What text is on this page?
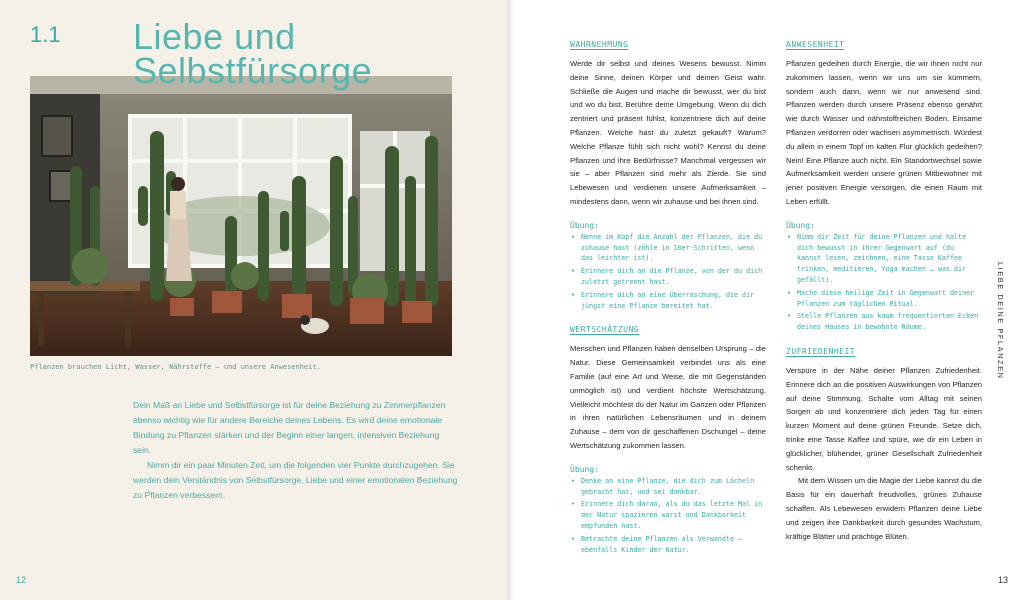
1.1 Liebe und
Selbstfürsorge
Pflanzen brauchen Licht, Wasser, Nährstoffe – und unsere Anwesenheit.

Dein Maß an Liebe und Selbstfürsorge ist für deine Beziehung zu Zimmerpflanzen ebenso wichtig wie für andere Bereiche deines Lebens. Es wird deine emotionale Bindung zu Pflanzen stärken und der Beginn einer langen, intensiven Beziehung sein.

Nimm dir ein paar Minuten Zeit, um die folgenden vier Punkte durchzugehen. Sie werden dein Verständnis von Selbstfürsorge, Liebe und einer emotionalen Beziehung zu Pflanzen verbessern.

12
WAHRNEHMUNG

Werde dir selbst und deines Wesens bewusst. Nimm deine Sinne, deinen Körper und deinen Geist wahr. Schließe die Augen und mache dir bewusst, wer du bist und wo du bist. Berühre deine Umgebung. Wenn du dich zentriert und präsent fühlst, konzentriere dich auf deine Pflanzen. Welche hast du zuletzt gekauft? Warum? Welche Pflanze fühlt sich nicht wohl? Kennst du deine Pflanzen und ihre Bedürfnisse? Manchmal vergessen wir sie – aber Pflanzen sind mehr als Zierde. Sie sind Lebewesen und verdienen unsere Aufmerksamkeit – mindestens dann, wenn wir zuhause und bei ihnen sind.

Übung:
• Nenne im Kopf die Anzahl der Pflanzen, die du zuhause hast (zähle in 10er-Schritten, wenn das leichter ist).
• Erinnere dich an die Pflanze, von der du dich zuletzt getrennt hast.
• Erinnere dich an eine Überraschung, die dir jüngst eine Pflanze bereitet hat.
WERTSCHÄTZUNG

Menschen und Pflanzen haben denselben Ursprung – die Natur. Diese Gemeinsamkeit verbindet uns als eine Familie (auf eine Art und Weise, die mit Gegenständen unmöglich ist) und verdient höchste Wertschätzung. Vielleicht möchtest du der Natur im Ganzen oder Pflanzen in ihren natürlichen Lebensräumen und in deinem Zuhause – dem von dir geschaffenen Dschungel – deine Wertschätzung zukommen lassen.

Übung:
• Denke an eine Pflanze, die dich zum Lächeln gebracht hat, und sei dankbar.
• Erinnere dich daran, als du das letzte Mal in der Natur spazieren warst und Dankbarkeit empfunden hast.
• Betrachte deine Pflanzen als Verwandte – ebenfalls Kinder der Natur.
ANWESENHEIT

Pflanzen gedeihen durch Energie, die wir ihnen nicht nur zukommen lassen, wenn wir uns um sie kümmern, sondern auch dann, wenn wir nur anwesend sind. Pflanzen werden durch unsere Präsenz ebenso genährt wie durch Wasser und nährstoffreichen Boden. Einsame Pflanzen verdorren oder wachsen asymmetrisch. Würdest du allein in einem Topf im kalten Flur glücklich gedeihen? Nein! Eine Pflanze auch nicht. Ein Standortwechsel sowie Aufmerksamkeit werden unsere grünen Mitbewohner mit jener positiven Energie versorgen, die einen Raum mit Leben erfüllt.

Übung:
• Nimm dir Zeit für deine Pflanzen und halte dich bewusst in ihrer Gegenwart auf (du kannst lesen, zeichnen, eine Tasse Kaffee trinken, meditieren, Yoga machen … was dir gefällt).
• Mache diese heilige Zeit in Gegenwart deiner Pflanzen zum täglichen Ritual.
• Stelle Pflanzen aus kaum frequentierten Ecken deines Hauses in bewohnte Räume.
ZUFRIEDENHEIT

Verspüre in der Nähe deiner Pflanzen Zufriedenheit. Erinnere dich an die positiven Auswirkungen von Pflanzen auf deine Stimmung. Schalte vom Alltag mit seinen Sorgen ab und konzentriere dich jeden Tag für einen kurzen Moment auf deine grünen Freunde. Setze dich, trinke eine Tasse Kaffee und spüre, wie dir ein Leben in glücklicher, blühender, grüner Gesellschaft Zufriedenheit schenkt.

Mit dem Wissen um die Magie der Liebe kannst du die Basis für ein dauerhaft freudvolles, grünes Zuhause schaffen. Als Lebewesen erwidern Pflanzen deine Liebe und zeigen ihre Dankbarkeit durch gesundes Wachstum, kräftige Blätter und prächtige Blüten.

LIEBE DEINE PFLANZEN
13
